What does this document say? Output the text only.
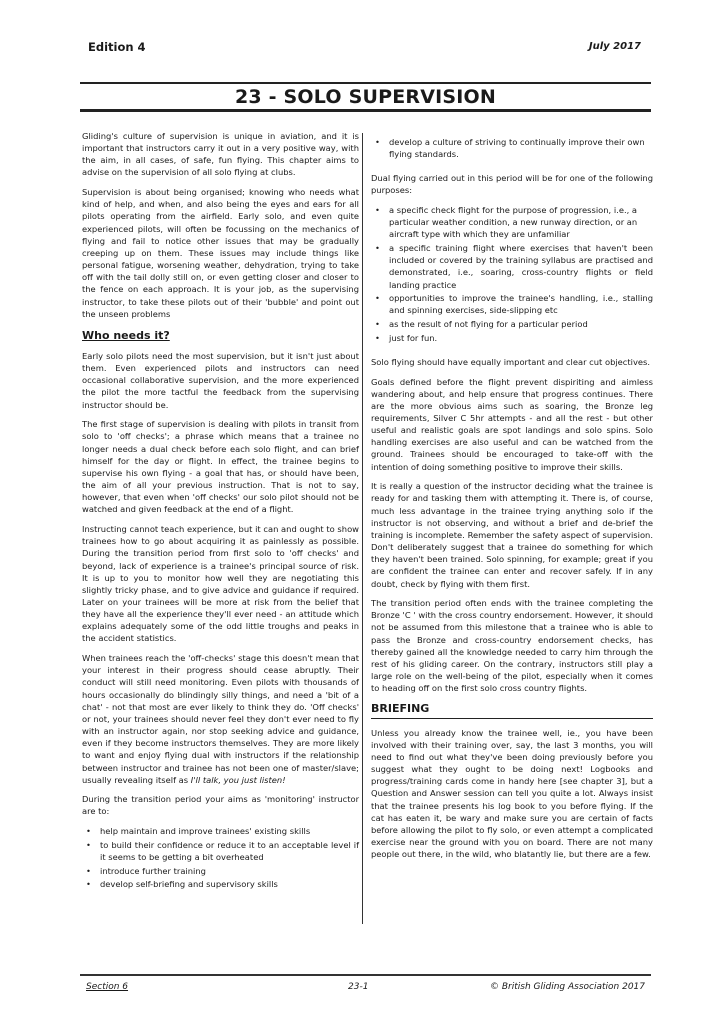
Edition 4	July 2017
23 - SOLO SUPERVISION

Gliding's culture of supervision is unique in aviation, and it is important that instructors carry it out in a very positive way, with the aim, in all cases, of safe, fun flying. This chapter aims to advise on the supervision of all solo flying at clubs.

Supervision is about being organised; knowing who needs what kind of help, and when, and also being the eyes and ears for all pilots operating from the airfield. Early solo, and even quite experienced pilots, will often be focussing on the mechanics of flying and fail to notice other issues that may be gradually creeping up on them. These issues may include things like personal fatigue, worsening weather, dehydration, trying to take off with the tail dolly still on, or even getting closer and closer to the fence on each approach. It is your job, as the supervising instructor, to take these pilots out of their 'bubble' and point out the unseen problems

Who needs it?

Early solo pilots need the most supervision, but it isn't just about them. Even experienced pilots and instructors can need occasional collaborative supervision, and the more experienced the pilot the more tactful the feedback from the supervising instructor should be.

The first stage of supervision is dealing with pilots in transit from solo to 'off checks'; a phrase which means that a trainee no longer needs a dual check before each solo flight, and can brief himself for the day or flight. In effect, the trainee begins to supervise his own flying - a goal that has, or should have been, the aim of all your previous instruction. That is not to say, however, that even when 'off checks' our solo pilot should not be watched and given feedback at the end of a flight.

Instructing cannot teach experience, but it can and ought to show trainees how to go about acquiring it as painlessly as possible. During the transition period from first solo to 'off checks' and beyond, lack of experience is a trainee's principal source of risk. It is up to you to monitor how well they are negotiating this slightly tricky phase, and to give advice and guidance if required. Later on your trainees will be more at risk from the belief that they have all the experience they'll ever need - an attitude which explains adequately some of the odd little troughs and peaks in the accident statistics.

When trainees reach the 'off-checks' stage this doesn't mean that your interest in their progress should cease abruptly. Their conduct will still need monitoring. Even pilots with thousands of hours occasionally do blindingly silly things, and need a 'bit of a chat' - not that most are ever likely to think they do. 'Off checks' or not, your trainees should never feel they don't ever need to fly with an instructor again, nor stop seeking advice and guidance, even if they become instructors themselves. They are more likely to want and enjoy flying dual with instructors if the relationship between instructor and trainee has not been one of master/slave; usually revealing itself as I'll talk, you just listen!

During the transition period your aims as 'monitoring' instructor are to:

• help maintain and improve trainees' existing skills
• to build their confidence or reduce it to an acceptable level if it seems to be getting a bit overheated
• introduce further training
• develop self-briefing and supervisory skills
• develop a culture of striving to continually improve their own flying standards.

Dual flying carried out in this period will be for one of the following purposes:

• a specific check flight for the purpose of progression, i.e., a particular weather condition, a new runway direction, or an aircraft type with which they are unfamiliar
• a specific training flight where exercises that haven't been included or covered by the training syllabus are practised and demonstrated, i.e., soaring, cross-country flights or field landing practice
• opportunities to improve the trainee's handling, i.e., stalling and spinning exercises, side-slipping etc
• as the result of not flying for a particular period
• just for fun.

Solo flying should have equally important and clear cut objectives.

Goals defined before the flight prevent dispiriting and aimless wandering about, and help ensure that progress continues. There are the more obvious aims such as soaring, the Bronze leg requirements, Silver C 5hr attempts - and all the rest - but other useful and realistic goals are spot landings and solo spins. Solo handling exercises are also useful and can be watched from the ground. Trainees should be encouraged to take-off with the intention of doing something positive to improve their skills.

It is really a question of the instructor deciding what the trainee is ready for and tasking them with attempting it. There is, of course, much less advantage in the trainee trying anything solo if the instructor is not observing, and without a brief and de-brief the training is incomplete. Remember the safety aspect of supervision. Don't deliberately suggest that a trainee do something for which they haven't been trained. Solo spinning, for example; great if you are confident the trainee can enter and recover safely. If in any doubt, check by flying with them first.

The transition period often ends with the trainee completing the Bronze 'C ' with the cross country endorsement. However, it should not be assumed from this milestone that a trainee who is able to pass the Bronze and cross-country endorsement checks, has thereby gained all the knowledge needed to carry him through the rest of his gliding career. On the contrary, instructors still play a large role on the well-being of the pilot, especially when it comes to heading off on the first solo cross country flights.

BRIEFING

Unless you already know the trainee well, ie., you have been involved with their training over, say, the last 3 months, you will need to find out what they've been doing previously before you suggest what they ought to be doing next! Logbooks and progress/training cards come in handy here [see chapter 3], but a Question and Answer session can tell you quite a lot. Always insist that the trainee presents his log book to you before flying. If the cat has eaten it, be wary and make sure you are certain of facts before allowing the pilot to fly solo, or even attempt a complicated exercise near the ground with you on board. There are not many people out there, in the wild, who blatantly lie, but there are a few.

Section 6	23-1	© British Gliding Association 2017
